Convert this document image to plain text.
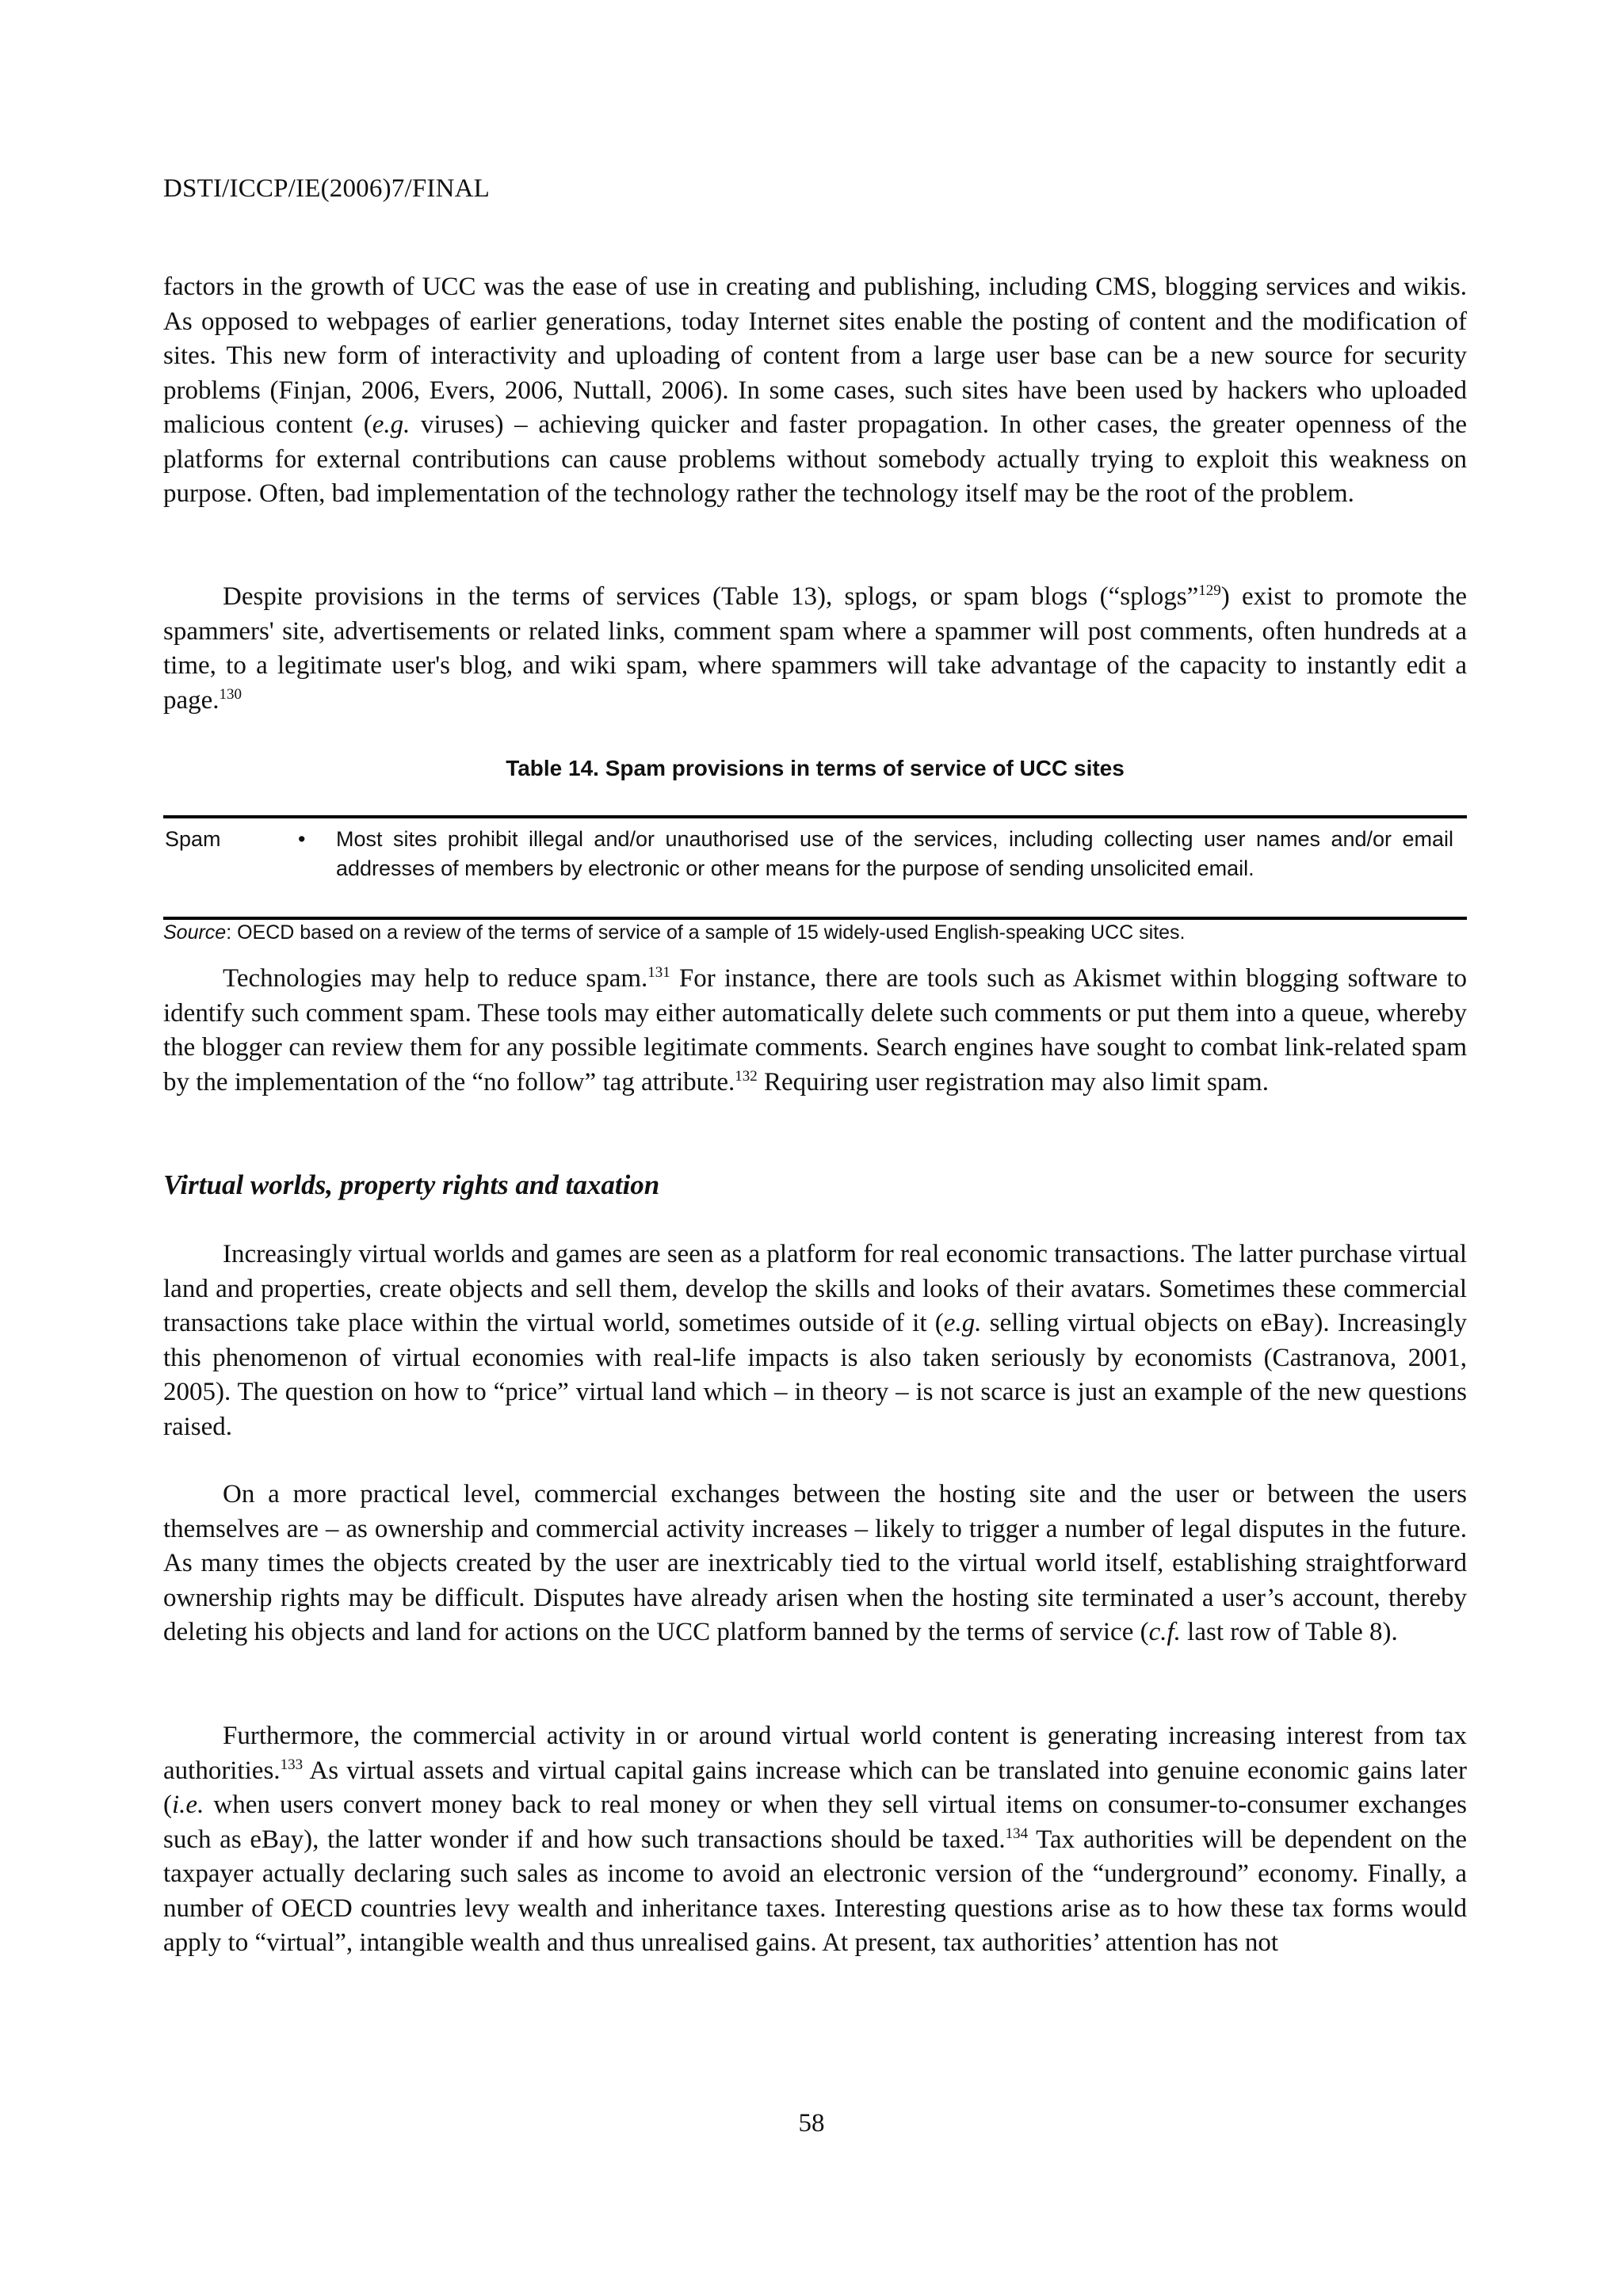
DSTI/ICCP/IE(2006)7/FINAL

factors in the growth of UCC was the ease of use in creating and publishing, including CMS, blogging services and wikis. As opposed to webpages of earlier generations, today Internet sites enable the posting of content and the modification of sites. This new form of interactivity and uploading of content from a large user base can be a new source for security problems (Finjan, 2006, Evers, 2006, Nuttall, 2006). In some cases, such sites have been used by hackers who uploaded malicious content (e.g. viruses) – achieving quicker and faster propagation. In other cases, the greater openness of the platforms for external contributions can cause problems without somebody actually trying to exploit this weakness on purpose. Often, bad implementation of the technology rather the technology itself may be the root of the problem.

Despite provisions in the terms of services (Table 13), splogs, or spam blogs (“splogs”$^{129}$) exist to promote the spammers' site, advertisements or related links, comment spam where a spammer will post comments, often hundreds at a time, to a legitimate user's blog, and wiki spam, where spammers will take advantage of the capacity to instantly edit a page.$^{130}$

Table 14. Spam provisions in terms of service of UCC sites
Spam	• Most sites prohibit illegal and/or unauthorised use of the services, including collecting user names and/or email addresses of members by electronic or other means for the purpose of sending unsolicited email.
Source: OECD based on a review of the terms of service of a sample of 15 widely-used English-speaking UCC sites.

Technologies may help to reduce spam.$^{131}$ For instance, there are tools such as Akismet within blogging software to identify such comment spam. These tools may either automatically delete such comments or put them into a queue, whereby the blogger can review them for any possible legitimate comments. Search engines have sought to combat link-related spam by the implementation of the “no follow” tag attribute.$^{132}$ Requiring user registration may also limit spam.

Virtual worlds, property rights and taxation

Increasingly virtual worlds and games are seen as a platform for real economic transactions. The latter purchase virtual land and properties, create objects and sell them, develop the skills and looks of their avatars. Sometimes these commercial transactions take place within the virtual world, sometimes outside of it (e.g. selling virtual objects on eBay). Increasingly this phenomenon of virtual economies with real-life impacts is also taken seriously by economists (Castranova, 2001, 2005). The question on how to “price” virtual land which – in theory – is not scarce is just an example of the new questions raised.

On a more practical level, commercial exchanges between the hosting site and the user or between the users themselves are – as ownership and commercial activity increases – likely to trigger a number of legal disputes in the future. As many times the objects created by the user are inextricably tied to the virtual world itself, establishing straightforward ownership rights may be difficult. Disputes have already arisen when the hosting site terminated a user’s account, thereby deleting his objects and land for actions on the UCC platform banned by the terms of service (c.f. last row of Table 8).

Furthermore, the commercial activity in or around virtual world content is generating increasing interest from tax authorities.$^{133}$ As virtual assets and virtual capital gains increase which can be translated into genuine economic gains later (i.e. when users convert money back to real money or when they sell virtual items on consumer-to-consumer exchanges such as eBay), the latter wonder if and how such transactions should be taxed.$^{134}$ Tax authorities will be dependent on the taxpayer actually declaring such sales as income to avoid an electronic version of the “underground” economy. Finally, a number of OECD countries levy wealth and inheritance taxes. Interesting questions arise as to how these tax forms would apply to “virtual”, intangible wealth and thus unrealised gains. At present, tax authorities’ attention has not

58
